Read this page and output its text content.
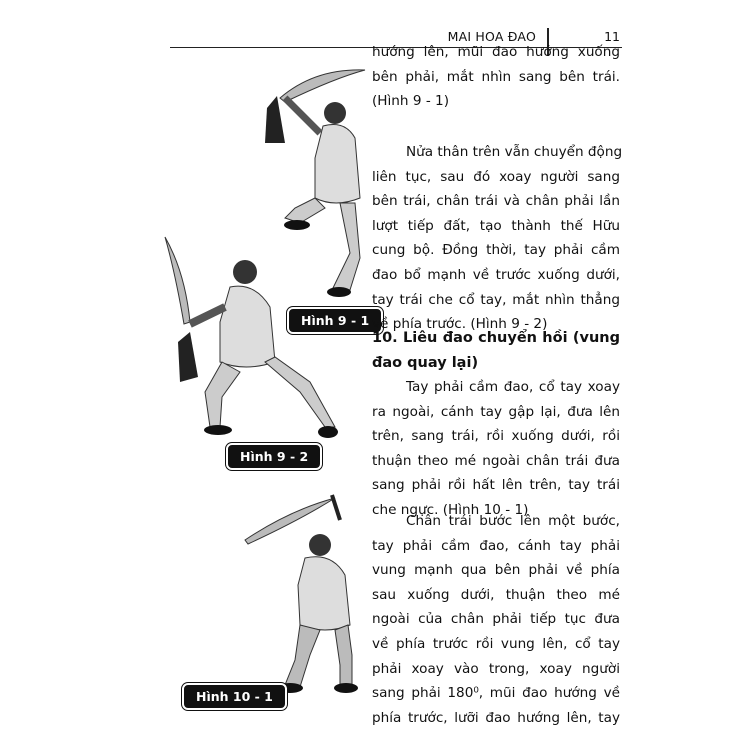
MAI HOA ĐAO	11
Hình 9 - 1
Hình 9 - 2
Hình 10 - 1
hướng lên, mũi đao hướng xuống
bên phải, mắt nhìn sang bên trái.
(Hình 9 - 1)
Nửa thân trên vẫn chuyển động
liên tục, sau đó xoay người sang
bên trái, chân trái và chân phải lần
lượt tiếp đất, tạo thành thế Hữu
cung bộ. Đồng thời, tay phải cầm
đao bổ mạnh về trước xuống dưới,
tay trái che cổ tay, mắt nhìn thẳng
về phía trước. (Hình 9 - 2)
10. Liêu đao chuyển hồi (vung
đao quay lại)
Tay phải cầm đao, cổ tay xoay
ra ngoài, cánh tay gập lại, đưa lên
trên, sang trái, rồi xuống dưới, rồi
thuận theo mé ngoài chân trái đưa
sang phải rồi hất lên trên, tay trái
che ngực. (Hình 10 - 1)
Chân trái bước lên một bước,
tay phải cầm đao, cánh tay phải
vung mạnh qua bên phải về phía
sau xuống dưới, thuận theo mé
ngoài của chân phải tiếp tục đưa
về phía trước rồi vung lên, cổ tay
phải xoay vào trong, xoay người
sang phải 180⁰, mũi đao hướng về
phía trước, lưỡi đao hướng lên, tay
